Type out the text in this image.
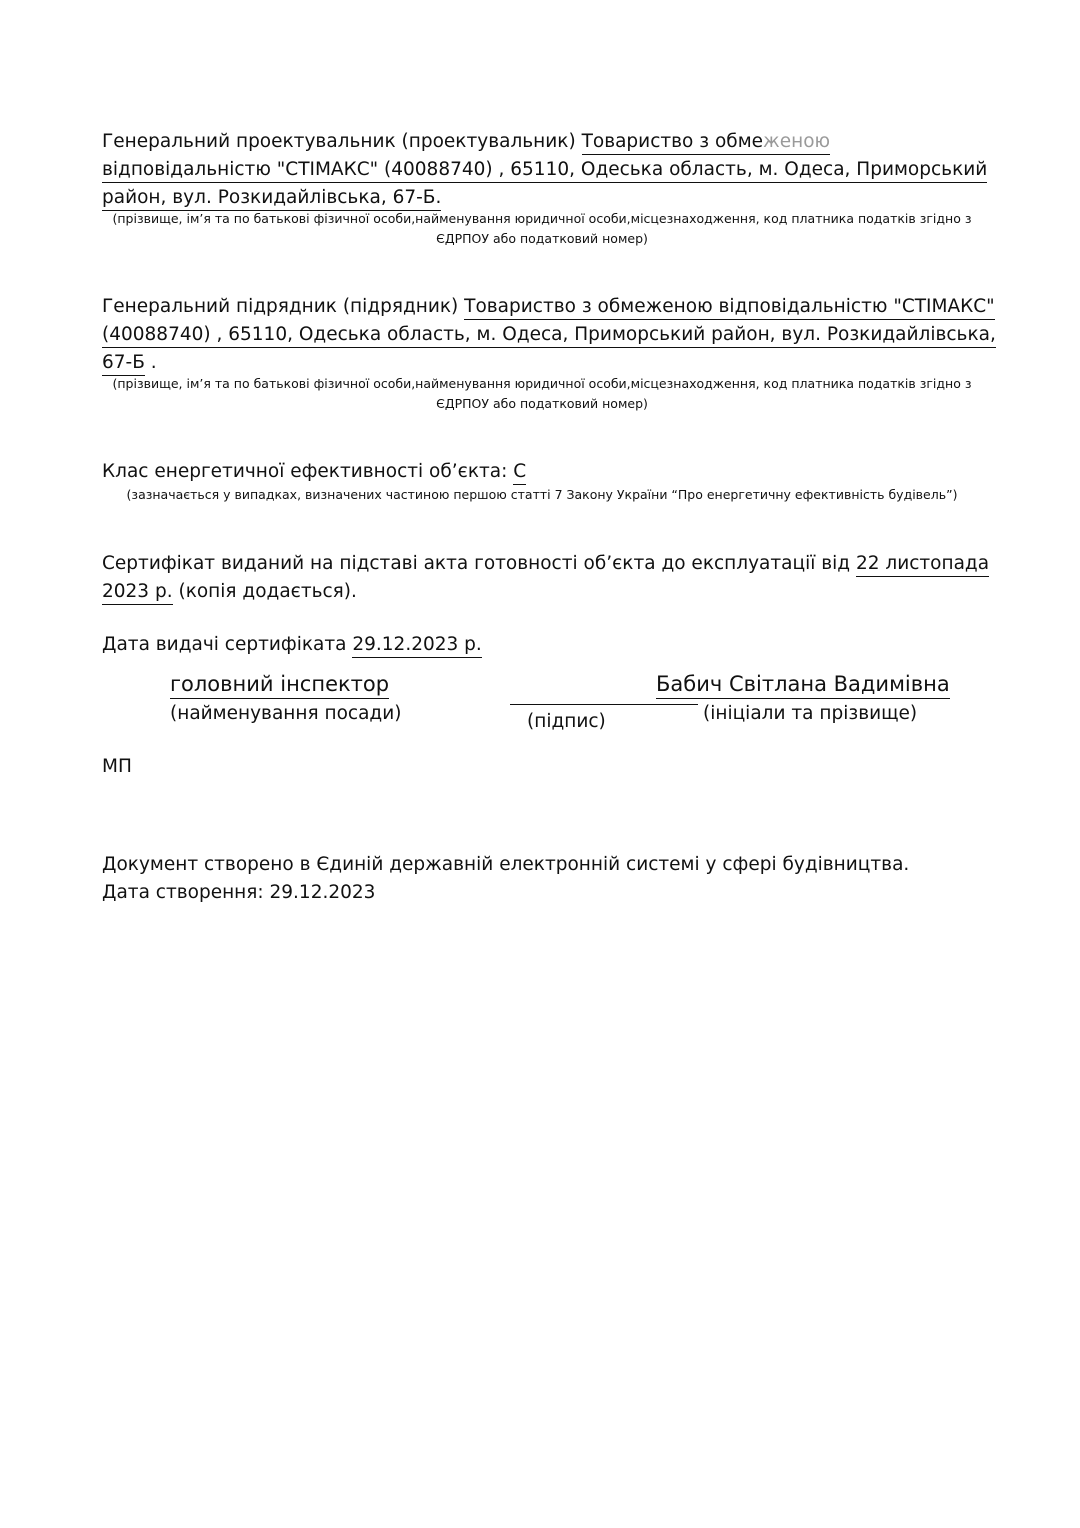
Генеральний проектувальник (проектувальник) Товариство з обмеженою
відповідальністю "СТІМАКС" (40088740) , 65110, Одеська область, м. Одеса, Приморський
район, вул. Розкидайлівська, 67-Б.
(прізвище, ім’я та по батькові фізичної особи,найменування юридичної особи,місцезнаходження, код платника податків згідно з
ЄДРПОУ або податковий номер)
Генеральний підрядник (підрядник) Товариство з обмеженою відповідальністю "СТІМАКС"
(40088740) , 65110, Одеська область, м. Одеса, Приморський район, вул. Розкидайлівська,
67-Б .
(прізвище, ім’я та по батькові фізичної особи,найменування юридичної особи,місцезнаходження, код платника податків згідно з
ЄДРПОУ або податковий номер)
Клас енергетичної ефективності об’єкта: С
(зазначається у випадках, визначених частиною першою статті 7 Закону України “Про енергетичну ефективність будівель”)
Сертифікат виданий на підставі акта готовності об’єкта до експлуатації від 22 листопада
2023 р. (копія додається).
Дата видачі сертифіката 29.12.2023 р.
головний інспектор
(найменування посади)	(підпис)
Бабич Світлана Вадимівна
(ініціали та прізвище)
МП
Документ створено в Єдиній державній електронній системі у сфері будівництва.
Дата створення: 29.12.2023
